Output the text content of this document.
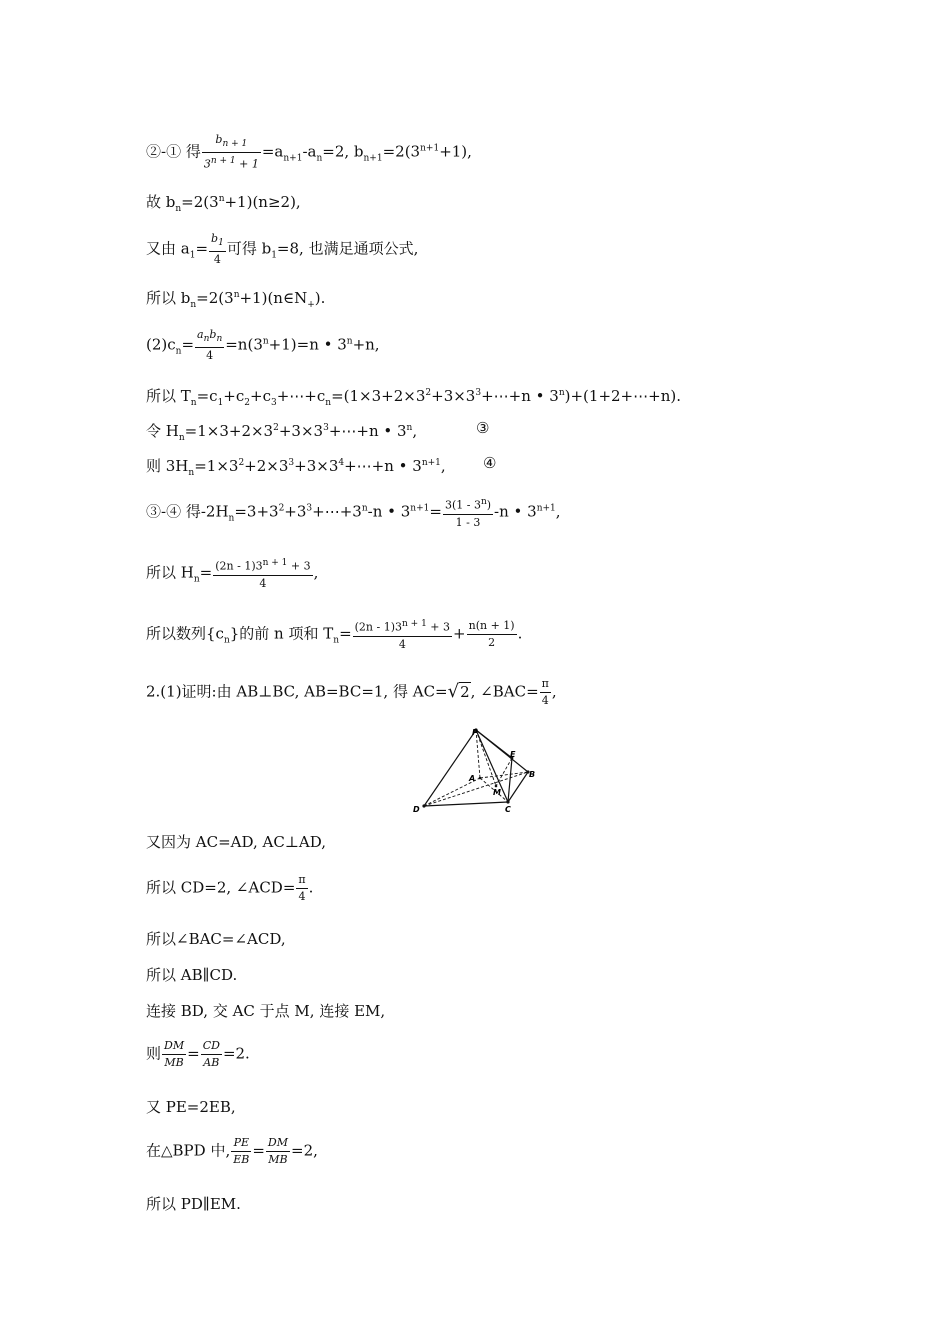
②-① 得 $\frac{b_{n + 1}}{3^{n + 1} + 1} =a_{n+1}-a_n=2$, $b_{n+1}=2(3^{n+1}+1)$,
故 $b_n=2(3^n+1)(n\ge 2)$,
又由 $a_1= \frac{b_1}{4}$ 可得 $b_1=8$, 也满足通项公式,
所以 $b_n=2(3^n+1)(n\in N_+)$.
$(2)c_n= \frac{a_nb_n}{4} =n(3^n+1)=n$ • $3^n+n$,
所以 $T_n=c_1+c_2+c_3+\cdots+c_n=(1\times 3+2\times 3^2+3\times 3^3+\cdots+n$ • $3^n)+(1+2+\cdots+n)$.
令 $H_n=1\times 3+2\times 3^2+3\times 3^3+\cdots+n$ • 3$^n$,	③
则 $3H_n=1\times 3^2+2\times 3^3+3\times 3^4+\cdots+n$ • $3^{n+1}$, ④
③-④ 得$-2H_n=3+3^2+3^3+\cdots+3^n-n$ • $3^{n+1}= \frac{3(1 - 3^n)}{1 - 3} -n$ • $3^{n+1}$,
所以 $H_n= \frac{(2n - 1)3^{n + 1} + 3}{4}$ ,
所以数列$\{c_n\}$的前 n 项和 $T_n= \frac{(2n - 1)3^{n + 1} + 3}{4} + \frac{n(n + 1)}{2}$ .
2.(1)证明:由 AB⊥BC, AB=BC=1, 得 AC=√2, ∠BAC= $\frac{\pi}{4}$ ,
P
E
A	B
M
D	C
又因为 AC=AD, AC⊥AD,
所以 CD=2, ∠ACD= $\frac{\pi}{4}$ .
所以∠BAC=∠ACD,
所以 AB∥CD.
连接 BD, 交 AC 于点 M, 连接 EM,
则 $\frac{DM}{MB} = \frac{CD}{AB} =2$.
又 PE=2EB,
在△BPD 中, $\frac{PE}{EB} = \frac{DM}{MB} =2$,
所以 PD∥EM.
